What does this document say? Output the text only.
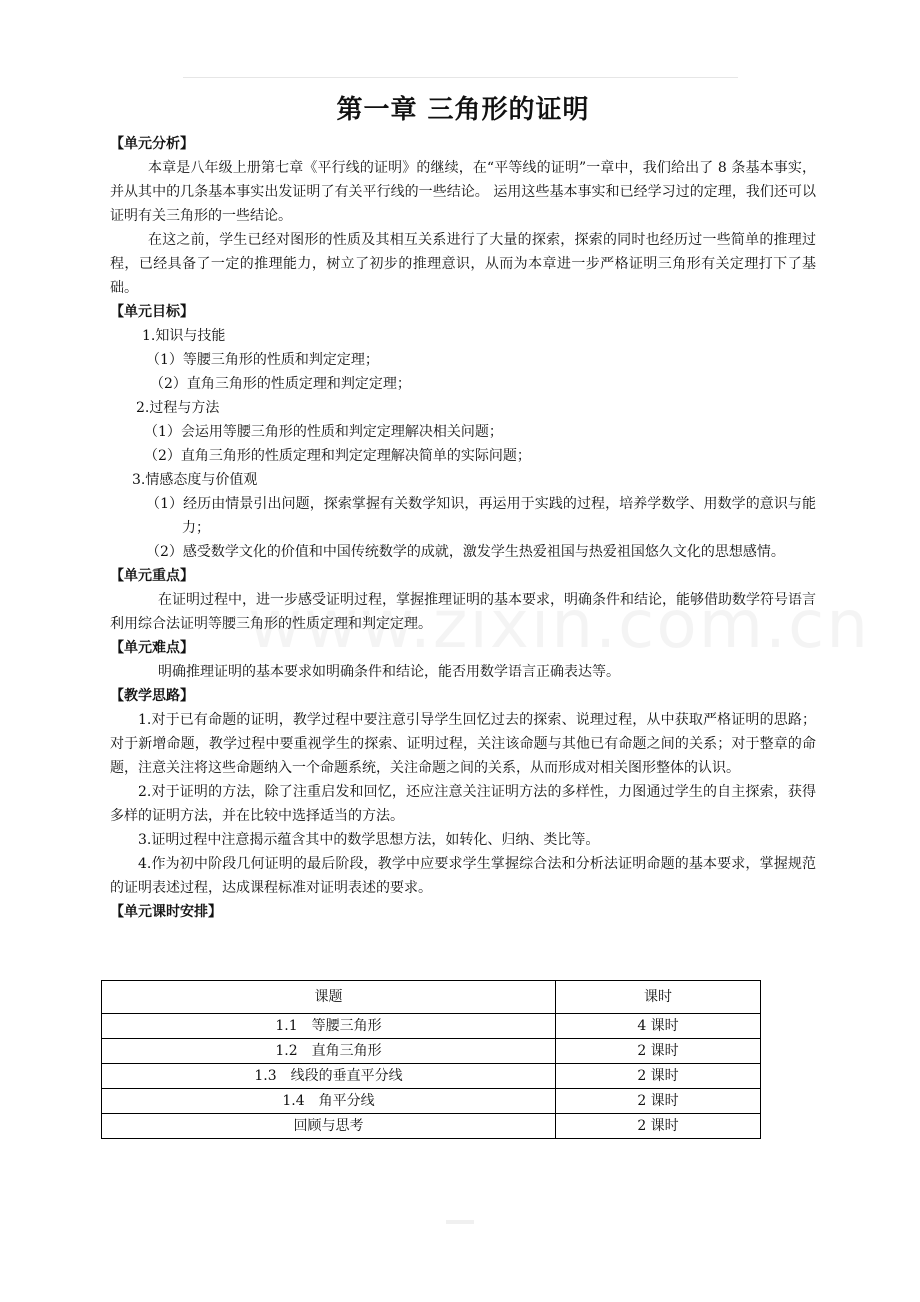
第一章 三角形的证明
【单元分析】

本章是八年级上册第七章《平行线的证明》的继续，在“平等线的证明”一章中，我们给出了 8 条基本事实，并从其中的几条基本事实出发证明了有关平行线的一些结论。 运用这些基本事实和已经学习过的定理，我们还可以证明有关三角形的一些结论。

在这之前，学生已经对图形的性质及其相互关系进行了大量的探索，探索的同时也经历过一些简单的推理过程，已经具备了一定的推理能力，树立了初步的推理意识，从而为本章进一步严格证明三角形有关定理打下了基础。

【单元目标】

1.知识与技能

（1）等腰三角形的性质和判定定理；

（2）直角三角形的性质定理和判定定理；

2.过程与方法

（1）会运用等腰三角形的性质和判定定理解决相关问题；

（2）直角三角形的性质定理和判定定理解决简单的实际问题；

3.情感态度与价值观

（1）经历由情景引出问题，探索掌握有关数学知识，再运用于实践的过程，培养学数学、用数学的意识与能力；

（2）感受数学文化的价值和中国传统数学的成就，激发学生热爱祖国与热爱祖国悠久文化的思想感情。

【单元重点】

在证明过程中，进一步感受证明过程，掌握推理证明的基本要求，明确条件和结论，能够借助数学符号语言利用综合法证明等腰三角形的性质定理和判定定理。

【单元难点】

明确推理证明的基本要求如明确条件和结论，能否用数学语言正确表达等。

【教学思路】

1.对于已有命题的证明，教学过程中要注意引导学生回忆过去的探索、说理过程，从中获取严格证明的思路；对于新增命题，教学过程中要重视学生的探索、证明过程，关注该命题与其他已有命题之间的关系；对于整章的命题，注意关注将这些命题纳入一个命题系统，关注命题之间的关系，从而形成对相关图形整体的认识。

2.对于证明的方法，除了注重启发和回忆，还应注意关注证明方法的多样性，力图通过学生的自主探索，获得多样的证明方法，并在比较中选择适当的方法。

3.证明过程中注意揭示蕴含其中的数学思想方法，如转化、归纳、类比等。

4.作为初中阶段几何证明的最后阶段，教学中应要求学生掌握综合法和分析法证明命题的基本要求，掌握规范的证明表述过程，达成课程标准对证明表述的要求。

【单元课时安排】
课题	课时
1.1　等腰三角形	4 课时
1.2　直角三角形	2 课时
1.3　线段的垂直平分线	2 课时
1.4　角平分线	2 课时
回顾与思考	2 课时
